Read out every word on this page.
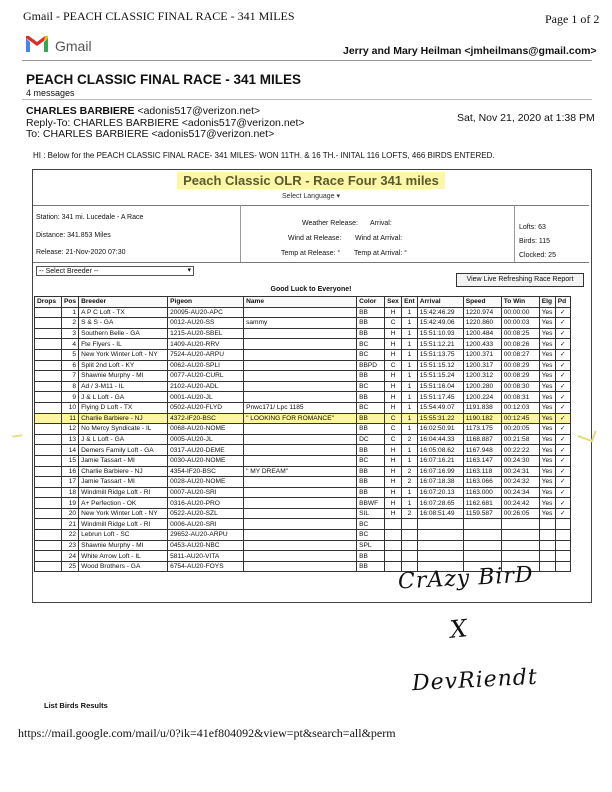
Gmail - PEACH CLASSIC FINAL RACE - 341 MILES	Page 1 of 2
Gmail	Jerry and Mary Heilman <jmheilmans@gmail.com>
PEACH CLASSIC FINAL RACE - 341 MILES
4 messages
CHARLES BARBIERE <adonis517@verizon.net>
Reply-To: CHARLES BARBIERE <adonis517@verizon.net>
To: CHARLES BARBIERE <adonis517@verizon.net>
Sat, Nov 21, 2020 at 1:38 PM
HI : Below for the PEACH CLASSIC FINAL RACE- 341 MILES- WON 11TH. & 16 TH.- INITAL 116 LOFTS, 466 BIRDS ENTERED.
Peach Classic OLR - Race Four 341 miles
Select Language ▾
Station: 341 mi. Lucedale - A Race
Distance: 341.853 Miles
Release: 21-Nov-2020 07:30
Weather Release: Arrival:
Wind at Release: Wind at Arrival:
Temp at Release: ° Temp at Arrival: °
Lofts: 63
Birds: 115
Clocked: 25
-- Select Breeder --	▾
View Live Refreshing Race Report
Good Luck to Everyone!
Drops	Pos	Breeder	Pigeon	Name	Color	Sex	Ent	Arrival	Speed	To Win	Elg	Pd
	1	A P C Loft - TX	20095-AU20-APC		BB	H	1	15:42:46.29	1220.974	00:00:00	Yes	✓
	2	S & S - GA	0012-AU20-SS	sammy	BB	C	1	15:42:49.06	1220.860	00:00:03	Yes	✓
	3	Southern Belle - GA	1215-AU20-SBEL		BB	H	1	15:51:10.93	1200.484	00:08:25	Yes	✓
	4	Fte Flyers - IL	1409-AU20-RRV		BC	H	1	15:51:12.21	1200.433	00:08:26	Yes	✓
	5	New York Winter Loft - NY	7524-AU20-ARPU		BC	H	1	15:51:13.75	1200.371	00:08:27	Yes	✓
	6	Split 2nd Loft - KY	0062-AU20-SPLI		BBPD	C	1	15:51:15.12	1200.317	00:08:29	Yes	✓
	7	Shawnie Murphy - MI	0077-AU20-CURL		BB	H	1	15:51:15.24	1200.312	00:08:29	Yes	✓
	8	Ad / 3-M11 - IL	2102-AU20-ADL		BC	H	1	15:51:16.04	1200.280	00:08:30	Yes	✓
	9	J & L Loft - GA	0001-AU20-JL		BB	H	1	15:51:17.45	1200.224	00:08:31	Yes	✓
	10	Flying D Loft - TX	0502-AU20-FLYD	Pnwc171/ Lpc 1185	BC	H	1	15:54:49.07	1191.838	00:12:03	Yes	✓
	11	Charlie Barbiere - NJ	4372-IF20-BSC	" LOOKING FOR ROMANCE"	BB	C	1	15:55:31.22	1190.182	00:12:45	Yes	✓
	12	No Mercy Syndicate - IL	0068-AU20-NOME		BB	C	1	16:02:50.91	1173.175	00:20:05	Yes	✓
	13	J & L Loft - GA	0005-AU20-JL		DC	C	2	16:04:44.33	1168.887	00:21:58	Yes	✓
	14	Demers Family Loft - GA	0317-AU20-DEME		BB	H	1	16:05:08.62	1167.948	00:22:22	Yes	✓
	15	Jamie Tassart - MI	0030-AU20-NOME		BC	H	1	16:07:16.21	1163.147	00:24:30	Yes	✓
	16	Charlie Barbiere - NJ	4354-IF20-BSC	" MY DREAM"	BB	H	2	16:07:16.99	1163.118	00:24:31	Yes	✓
	17	Jamie Tassart - MI	0028-AU20-NOME		BB	H	2	16:07:18.38	1163.066	00:24:32	Yes	✓
	18	Windmill Ridge Loft - RI	0007-AU20-SRI		BB	H	1	16:07:20.13	1163.000	00:24:34	Yes	✓
	19	A+ Perfection - OK	0316-AU20-PRO		BBWF	H	1	16:07:28.65	1162.681	00:24:42	Yes	✓
	20	New York Winter Loft - NY	0522-AU20-SZL		SIL	H	2	16:08:51.49	1159.587	00:26:05	Yes	✓
	21	Windmill Ridge Loft - RI	0006-AU20-SRI		BC							
	22	Lebrun Loft - SC	29652-AU20-ARPU		BC							
	23	Shawnie Murphy - MI	0453-AU20-NBC		SPL							
	24	White Arrow Loft - IL	5811-AU20-VITA		BB							
	25	Wood Brothers - GA	6754-AU20-FOYS		BB							CrAzy BirD
X
DevRiendt
List Birds Results
https://mail.google.com/mail/u/0?ik=41ef804092&view=pt&search=all&perm
